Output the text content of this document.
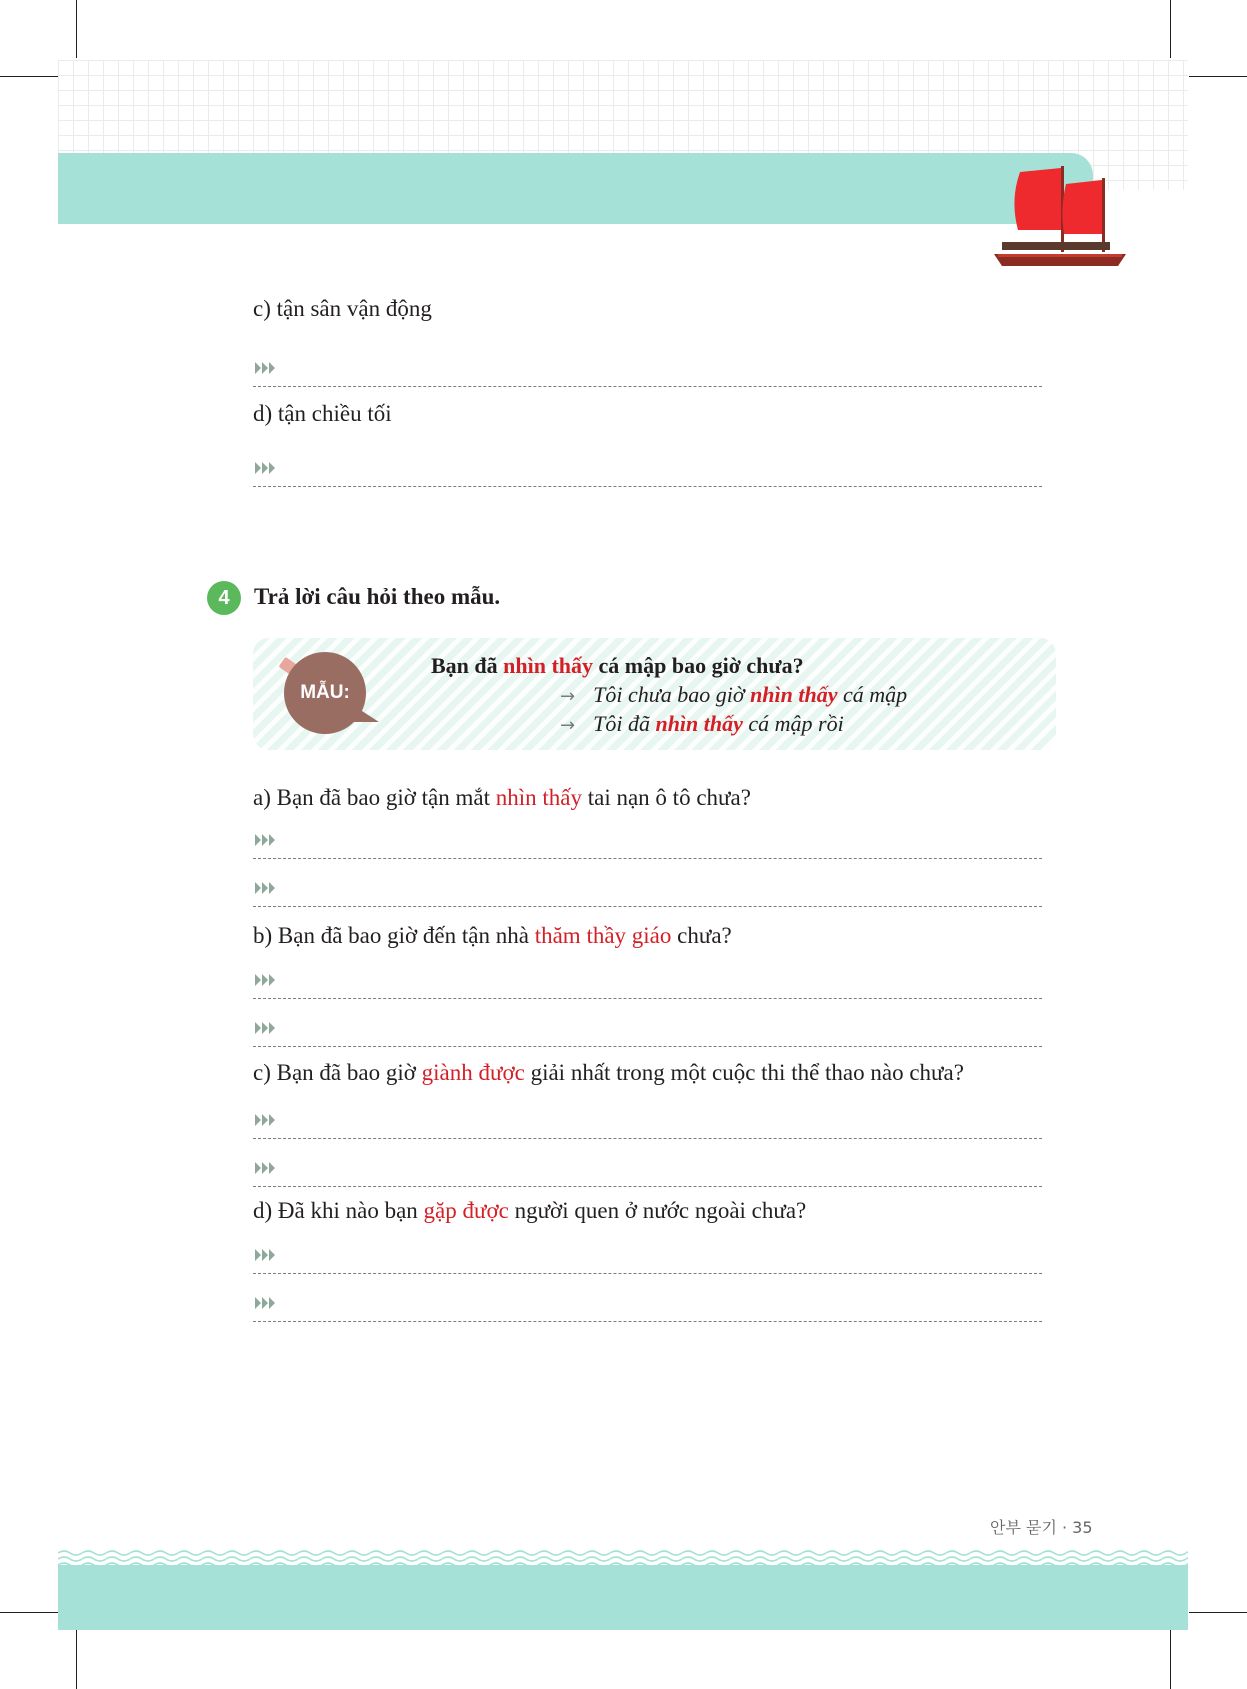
c) tận sân vận động
d) tận chiều tối
4	Trả lời câu hỏi theo mẫu.
MẪU:
Bạn đã nhìn thấy cá mập bao giờ chưa?
→ Tôi chưa bao giờ nhìn thấy cá mập
→ Tôi đã nhìn thấy cá mập rồi
a) Bạn đã bao giờ tận mắt nhìn thấy tai nạn ô tô chưa?
b) Bạn đã bao giờ đến tận nhà thăm thầy giáo chưa?
c) Bạn đã bao giờ giành được giải nhất trong một cuộc thi thể thao nào chưa?
d) Đã khi nào bạn gặp được người quen ở nước ngoài chưa?
안부 묻기 · 35
